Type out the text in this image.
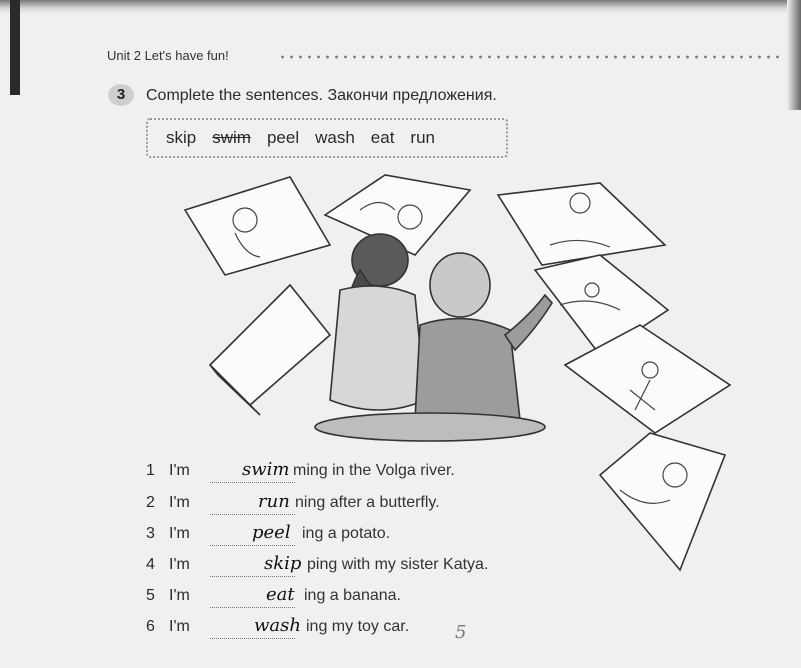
Unit 2 Let's have fun!
3	Complete the sentences. Закончи предложения.
skip swim peel wash eat run
1 I'm	swim ming in the Volga river.
2 I'm	run ning after a butterfly.
3 I'm	peel ing a potato.
4 I'm	skip ping with my sister Katya.
5 I'm	eat ing a banana.
6 I'm	wash ing my toy car.	5
